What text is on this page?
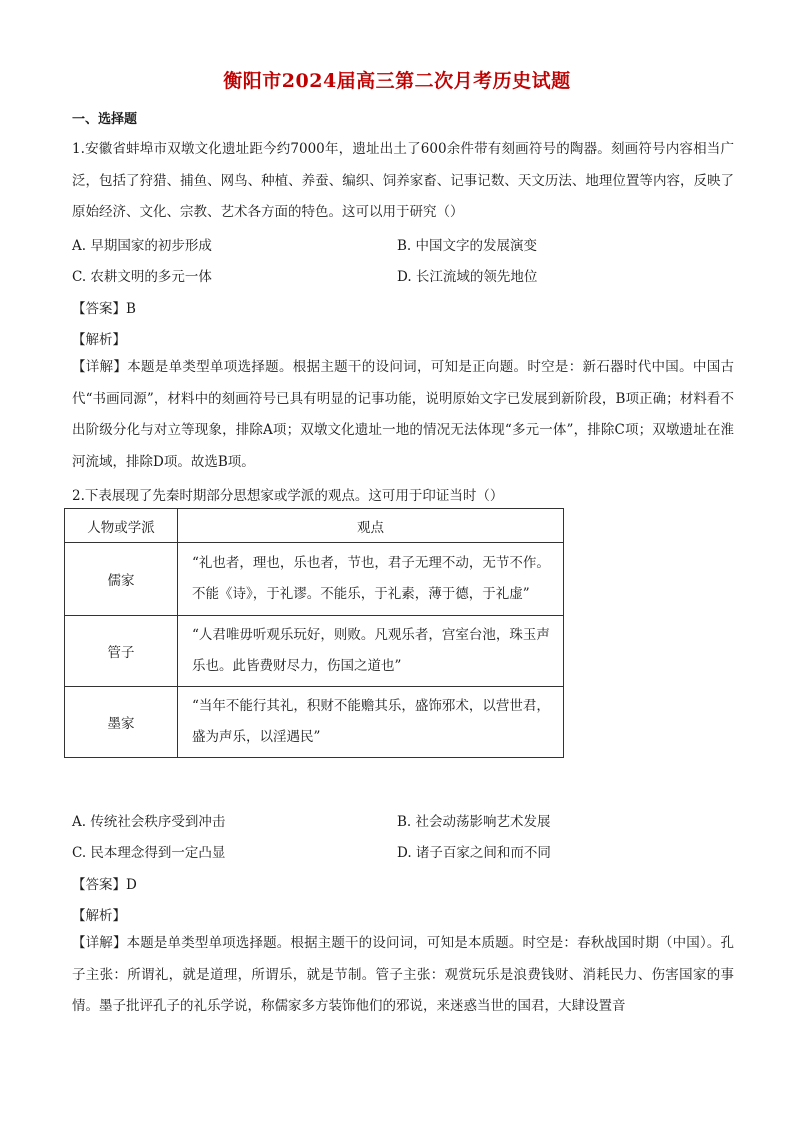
衡阳市2024届高三第二次月考历史试题
一、选择题
1.安徽省蚌埠市双墩文化遗址距今约7000年，遗址出土了600余件带有刻画符号的陶器。刻画符号内容相当广泛，包括了狩猎、捕鱼、网鸟、种植、养蚕、编织、饲养家畜、记事记数、天文历法、地理位置等内容，反映了原始经济、文化、宗教、艺术各方面的特色。这可以用于研究（）
A. 早期国家的初步形成	B. 中国文字的发展演变
C. 农耕文明的多元一体	D. 长江流域的领先地位
【答案】B
【解析】
【详解】本题是单类型单项选择题。根据主题干的设问词，可知是正向题。时空是：新石器时代中国。中国古代“书画同源”，材料中的刻画符号已具有明显的记事功能，说明原始文字已发展到新阶段，B项正确；材料看不出阶级分化与对立等现象，排除A项；双墩文化遗址一地的情况无法体现“多元一体”，排除C项；双墩遗址在淮河流域，排除D项。故选B项。
2.下表展现了先秦时期部分思想家或学派的观点。这可用于印证当时（）
人物或学派	观点
儒家	“礼也者，理也，乐也者，节也，君子无理不动，无节不作。不能《诗》，于礼谬。不能乐，于礼素，薄于德，于礼虚”
管子	“人君唯毋听观乐玩好，则败。凡观乐者，宫室台池，珠玉声乐也。此皆费财尽力，伤国之道也”
墨家	“当年不能行其礼，积财不能赡其乐，盛饰邪术，以营世君，盛为声乐，以淫遇民”
A. 传统社会秩序受到冲击	B. 社会动荡影响艺术发展
C. 民本理念得到一定凸显	D. 诸子百家之间和而不同
【答案】D
【解析】
【详解】本题是单类型单项选择题。根据主题干的设问词，可知是本质题。时空是：春秋战国时期（中国）。孔子主张：所谓礼，就是道理，所谓乐，就是节制。管子主张：观赏玩乐是浪费钱财、消耗民力、伤害国家的事情。墨子批评孔子的礼乐学说，称儒家多方装饰他们的邪说，来迷惑当世的国君，大肆设置音
